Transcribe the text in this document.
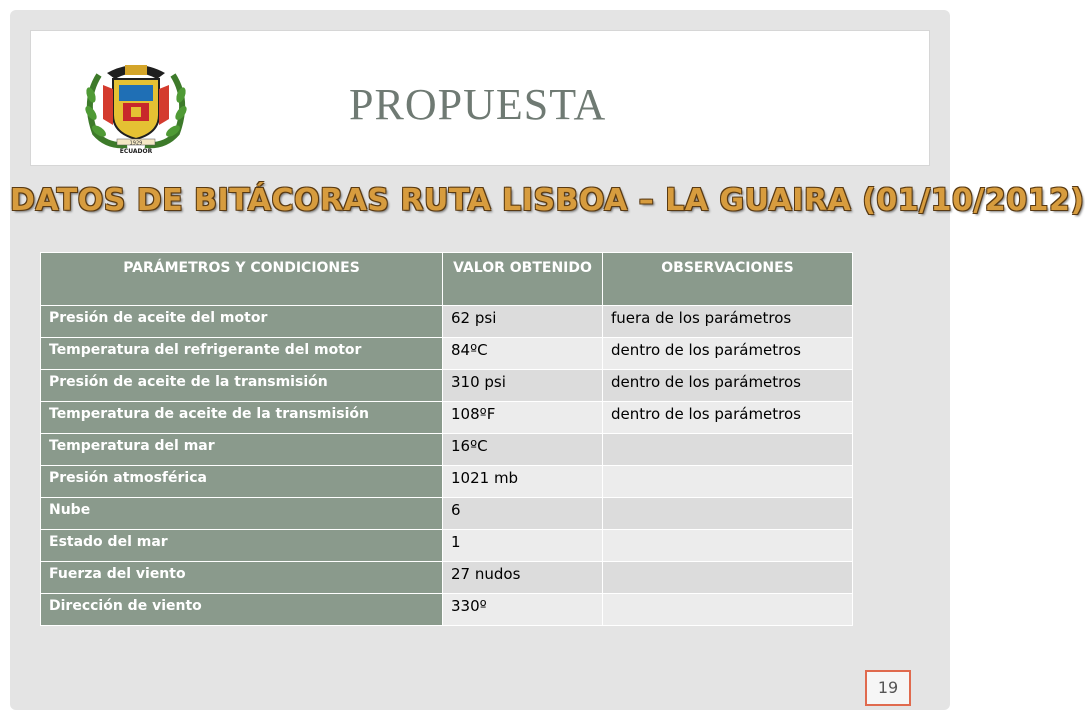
1929
ECUADOR
PROPUESTA
DATOS DE BITÁCORAS RUTA LISBOA – LA GUAIRA (01/10/2012)
PARÁMETROS Y CONDICIONES	VALOR OBTENIDO	OBSERVACIONES
Presión de aceite del motor	62 psi	fuera de los parámetros
Temperatura del refrigerante del motor	84ºC	dentro de los parámetros
Presión de aceite de la transmisión	310 psi	dentro de los parámetros
Temperatura de aceite de la transmisión	108ºF	dentro de los parámetros
Temperatura del mar	16ºC	
Presión atmosférica	1021 mb	
Nube	6	
Estado del mar	1	
Fuerza del viento	27 nudos	
Dirección de viento	330º	
19
